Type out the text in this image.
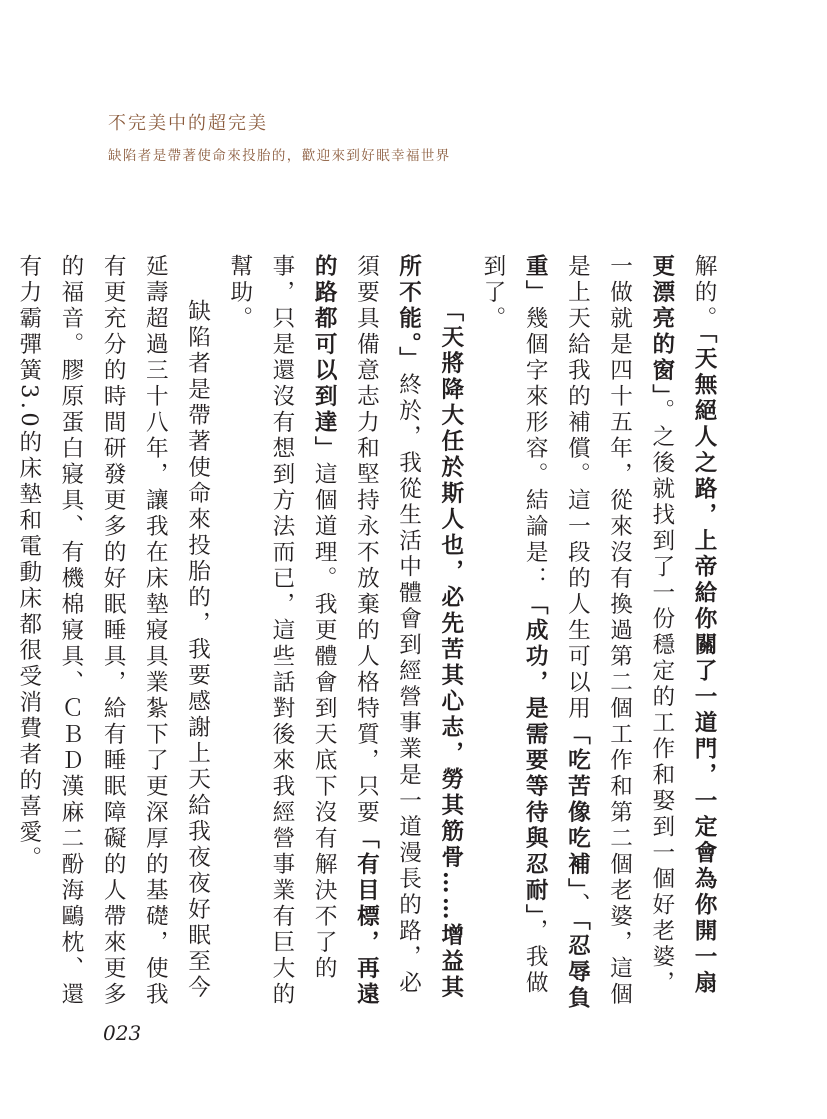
不完美中的超完美
缺陷者是帶著使命來投胎的，歡迎來到好眠幸福世界

解的。「天無絕人之路，上帝給你關了一道門，一定會為你開一扇更漂亮的窗」。之後就找到了一份穩定的工作和娶到一個好老婆，一做就是四十五年，從來沒有換過第二個工作和第二個老婆，這個是上天給我的補償。這一段的人生可以用「吃苦像吃補」、「忍辱負重」幾個字來形容。結論是：「成功，是需要等待與忍耐」，我做到了。

「天將降大任於斯人也，必先苦其心志，勞其筋骨……增益其所不能。」終於，我從生活中體會到經營事業是一道漫長的路，必須要具備意志力和堅持永不放棄的人格特質，只要「有目標，再遠的路都可以到達」這個道理。我更體會到天底下沒有解決不了的事，只是還沒有想到方法而已，這些話對後來我經營事業有巨大的幫助。

缺陷者是帶著使命來投胎的，我要感謝上天給我夜夜好眠至今延壽超過三十八年，讓我在床墊寢具業紮下了更深厚的基礎，使我有更充分的時間研發更多的好眠睡具，給有睡眠障礙的人帶來更多的福音。膠原蛋白寢具、有機棉寢具、ＣＢＤ漢麻二酚海鷗枕、還有力霸彈簧3.0的床墊和電動床都很受消費者的喜愛。

023
